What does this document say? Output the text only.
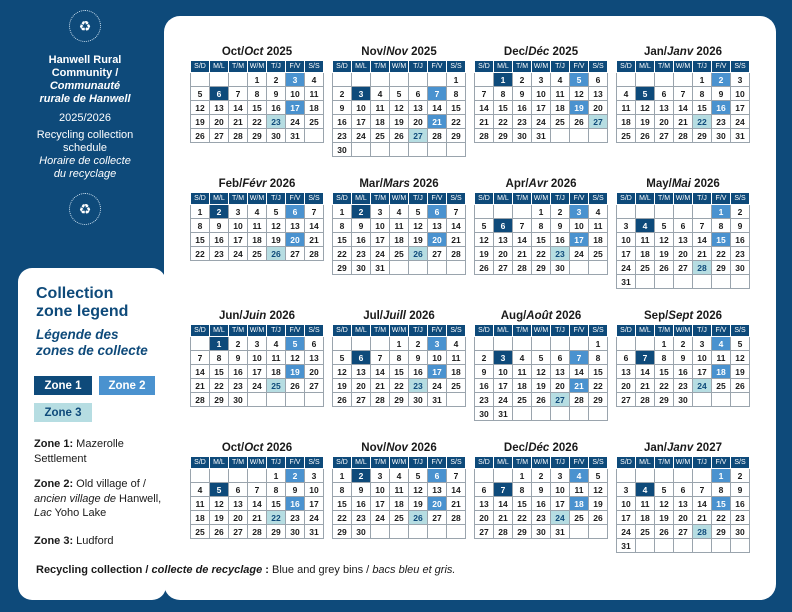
♻
Hanwell Rural
Community /
Communauté
rurale de Hanwell
2025/2026
Recycling collection
schedule
Horaire de collecte
du recyclage
♻
Collection
zone legend
Légende des
zones de collecte
Zone 1	Zone 2
Zone 3
Zone 1: Mazerolle Settlement
Zone 2: Old village of / ancien village de Hanwell, Lac Yoho Lake
Zone 3: Ludford
Oct/Oct 2025
S/D	M/L	T/M	W/M	T/J	F/V	S/S
			1	2	3	4
5	6	7	8	9	10	11
12	13	14	15	16	17	18
19	20	21	22	23	24	25
26	27	28	29	30	31	
Nov/Nov 2025
S/D	M/L	T/M	W/M	T/J	F/V	S/S
						1
2	3	4	5	6	7	8
9	10	11	12	13	14	15
16	17	18	19	20	21	22
23	24	25	26	27	28	29
30						
Dec/Déc 2025
S/D	M/L	T/M	W/M	T/J	F/V	S/S
	1	2	3	4	5	6
7	8	9	10	11	12	13
14	15	16	17	18	19	20
21	22	23	24	25	26	27
28	29	30	31			
Jan/Janv 2026
S/D	M/L	T/M	W/M	T/J	F/V	S/S
				1	2	3
4	5	6	7	8	9	10
11	12	13	14	15	16	17
18	19	20	21	22	23	24
25	26	27	28	29	30	31
Feb/Févr 2026
S/D	M/L	T/M	W/M	T/J	F/V	S/S
1	2	3	4	5	6	7
8	9	10	11	12	13	14
15	16	17	18	19	20	21
22	23	24	25	26	27	28
Mar/Mars 2026
S/D	M/L	T/M	W/M	T/J	F/V	S/S
1	2	3	4	5	6	7
8	9	10	11	12	13	14
15	16	17	18	19	20	21
22	23	24	25	26	27	28
29	30	31				
Apr/Avr 2026
S/D	M/L	T/M	W/M	T/J	F/V	S/S
			1	2	3	4
5	6	7	8	9	10	11
12	13	14	15	16	17	18
19	20	21	22	23	24	25
26	27	28	29	30		
May/Mai 2026
S/D	M/L	T/M	W/M	T/J	F/V	S/S
					1	2
3	4	5	6	7	8	9
10	11	12	13	14	15	16
17	18	19	20	21	22	23
24	25	26	27	28	29	30
31						
Jun/Juin 2026
S/D	M/L	T/M	W/M	T/J	F/V	S/S
	1	2	3	4	5	6
7	8	9	10	11	12	13
14	15	16	17	18	19	20
21	22	23	24	25	26	27
28	29	30				
Jul/Juill 2026
S/D	M/L	T/M	W/M	T/J	F/V	S/S
			1	2	3	4
5	6	7	8	9	10	11
12	13	14	15	16	17	18
19	20	21	22	23	24	25
26	27	28	29	30	31	
Aug/Août 2026
S/D	M/L	T/M	W/M	T/J	F/V	S/S
						1
2	3	4	5	6	7	8
9	10	11	12	13	14	15
16	17	18	19	20	21	22
23	24	25	26	27	28	29
30	31					
Sep/Sept 2026
S/D	M/L	T/M	W/M	T/J	F/V	S/S
		1	2	3	4	5
6	7	8	9	10	11	12
13	14	15	16	17	18	19
20	21	22	23	24	25	26
27	28	29	30			
Oct/Oct 2026
S/D	M/L	T/M	W/M	T/J	F/V	S/S
				1	2	3
4	5	6	7	8	9	10
11	12	13	14	15	16	17
18	19	20	21	22	23	24
25	26	27	28	29	30	31
Nov/Nov 2026
S/D	M/L	T/M	W/M	T/J	F/V	S/S
1	2	3	4	5	6	7
8	9	10	11	12	13	14
15	16	17	18	19	20	21
22	23	24	25	26	27	28
29	30					
Dec/Déc 2026
S/D	M/L	T/M	W/M	T/J	F/V	S/S
		1	2	3	4	5
6	7	8	9	10	11	12
13	14	15	16	17	18	19
20	21	22	23	24	25	26
27	28	29	30	31		
Jan/Janv 2027
S/D	M/L	T/M	W/M	T/J	F/V	S/S
					1	2
3	4	5	6	7	8	9
10	11	12	13	14	15	16
17	18	19	20	21	22	23
24	25	26	27	28	29	30
31						
Recycling collection / collecte de recyclage : Blue and grey bins / bacs bleu et gris.
